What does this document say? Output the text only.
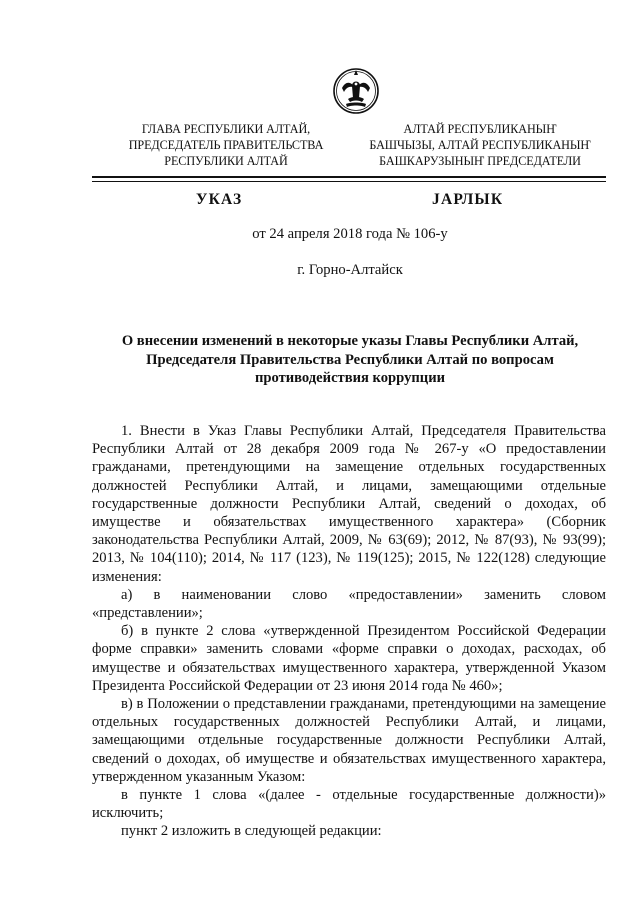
ГЛАВА РЕСПУБЛИКИ АЛТАЙ,
ПРЕДСЕДАТЕЛЬ ПРАВИТЕЛЬСТВА
РЕСПУБЛИКИ АЛТАЙ
АЛТАЙ РЕСПУБЛИКАНЫҤ
БАШЧЫЗЫ, АЛТАЙ РЕСПУБЛИКАНЫҤ
БАШКАРУЗЫНЫҤ ПРЕДСЕДАТЕЛИ
УКАЗ	JАРЛЫК
от 24 апреля 2018 года № 106-у
г. Горно-Алтайск
О внесении изменений в некоторые указы Главы Республики Алтай, Председателя Правительства Республики Алтай по вопросам противодействия коррупции

1. Внести в Указ Главы Республики Алтай, Председателя Правительства Республики Алтай от 28 декабря 2009 года № 267-у «О предоставлении гражданами, претендующими на замещение отдельных государственных должностей Республики Алтай, и лицами, замещающими отдельные государственные должности Республики Алтай, сведений о доходах, об имуществе и обязательствах имущественного характера» (Сборник законодательства Республики Алтай, 2009, № 63(69); 2012, № 87(93), № 93(99); 2013, № 104(110); 2014, № 117 (123), № 119(125); 2015, № 122(128) следующие изменения:

а) в наименовании слово «предоставлении» заменить словом «представлении»;

б) в пункте 2 слова «утвержденной Президентом Российской Федерации форме справки» заменить словами «форме справки о доходах, расходах, об имуществе и обязательствах имущественного характера, утвержденной Указом Президента Российской Федерации от 23 июня 2014 года № 460»;

в) в Положении о представлении гражданами, претендующими на замещение отдельных государственных должностей Республики Алтай, и лицами, замещающими отдельные государственные должности Республики Алтай, сведений о доходах, об имуществе и обязательствах имущественного характера, утвержденном указанным Указом:

в пункте 1 слова «(далее - отдельные государственные должности)» исключить;

пункт 2 изложить в следующей редакции:
